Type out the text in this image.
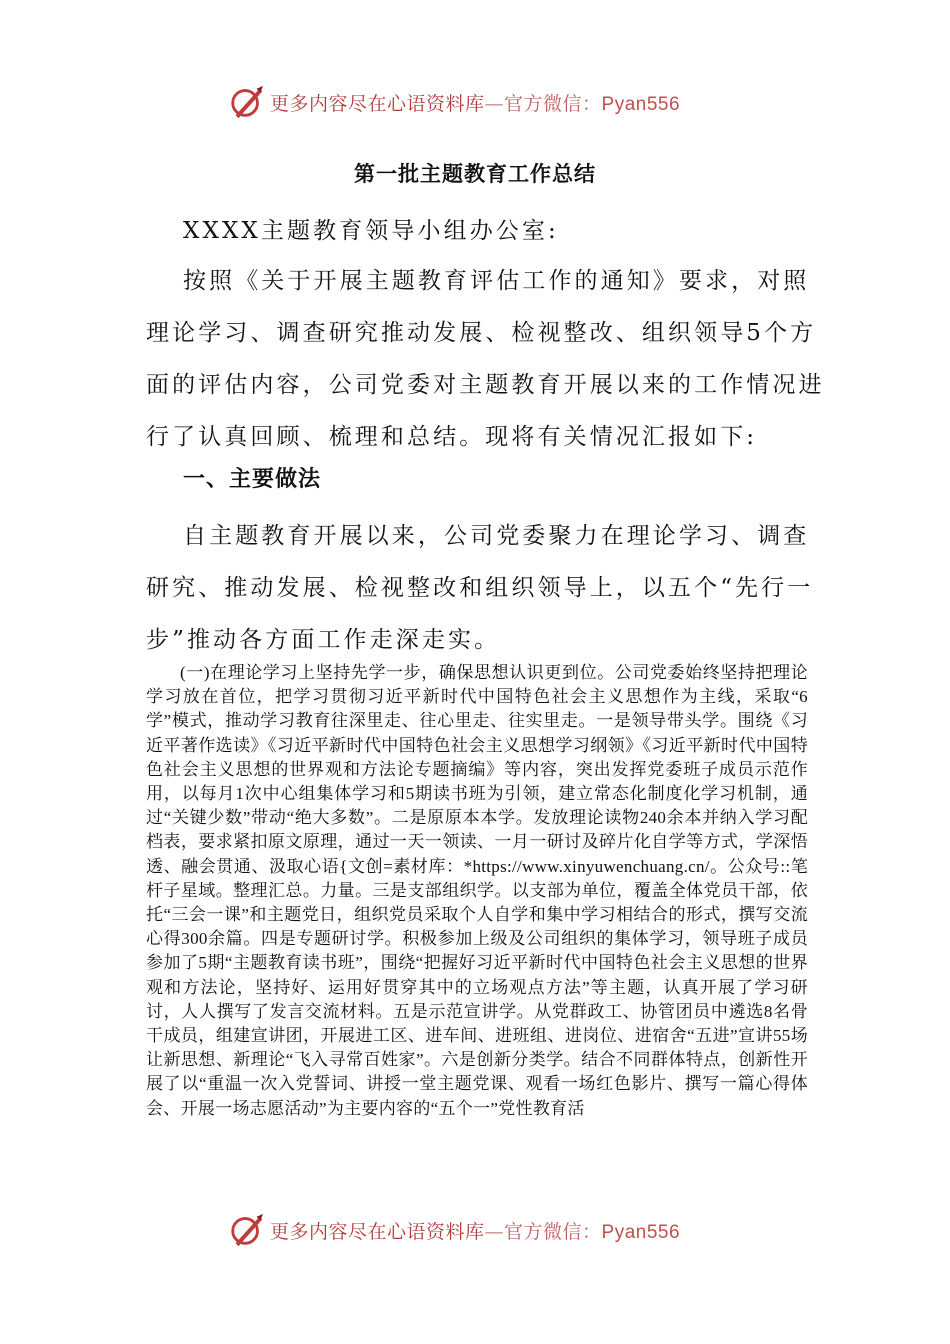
更多内容尽在心语资料库—官方微信：Pyan556
第一批主题教育工作总结
XXXX主题教育领导小组办公室:
按照《关于开展主题教育评估工作的通知》要求，对照理论学习、调查研究推动发展、检视整改、组织领导5个方面的评估内容，公司党委对主题教育开展以来的工作情况进行了认真回顾、梳理和总结。现将有关情况汇报如下:
一、主要做法
自主题教育开展以来，公司党委聚力在理论学习、调查研究、推动发展、检视整改和组织领导上，以五个“先行一步”推动各方面工作走深走实。
(一)在理论学习上坚持先学一步，确保思想认识更到位。公司党委始终坚持把理论学习放在首位，把学习贯彻习近平新时代中国特色社会主义思想作为主线，采取“6学”模式，推动学习教育往深里走、往心里走、往实里走。一是领导带头学。围绕《习近平著作选读》《习近平新时代中国特色社会主义思想学习纲领》《习近平新时代中国特色社会主义思想的世界观和方法论专题摘编》等内容，突出发挥党委班子成员示范作用，以每月1次中心组集体学习和5期读书班为引领，建立常态化制度化学习机制，通过“关键少数”带动“绝大多数”。二是原原本本学。发放理论读物240余本并纳入学习配档表，要求紧扣原文原理，通过一天一领读、一月一研讨及碎片化自学等方式，学深悟透、融会贯通、汲取心语{文创=素材库：*https://www.xinyuwenchuang.cn/。公众号::笔杆子星域。整理汇总。力量。三是支部组织学。以支部为单位，覆盖全体党员干部，依托“三会一课”和主题党日，组织党员采取个人自学和集中学习相结合的形式，撰写交流心得300余篇。四是专题研讨学。积极参加上级及公司组织的集体学习，领导班子成员参加了5期“主题教育读书班”，围绕“把握好习近平新时代中国特色社会主义思想的世界观和方法论，坚持好、运用好贯穿其中的立场观点方法”等主题，认真开展了学习研讨，人人撰写了发言交流材料。五是示范宣讲学。从党群政工、协管团员中遴选8名骨干成员，组建宣讲团，开展进工区、进车间、进班组、进岗位、进宿舍“五进”宣讲55场让新思想、新理论“飞入寻常百姓家”。六是创新分类学。结合不同群体特点，创新性开展了以“重温一次入党誓词、讲授一堂主题党课、观看一场红色影片、撰写一篇心得体会、开展一场志愿活动”为主要内容的“五个一”党性教育活
更多内容尽在心语资料库—官方微信：Pyan556
